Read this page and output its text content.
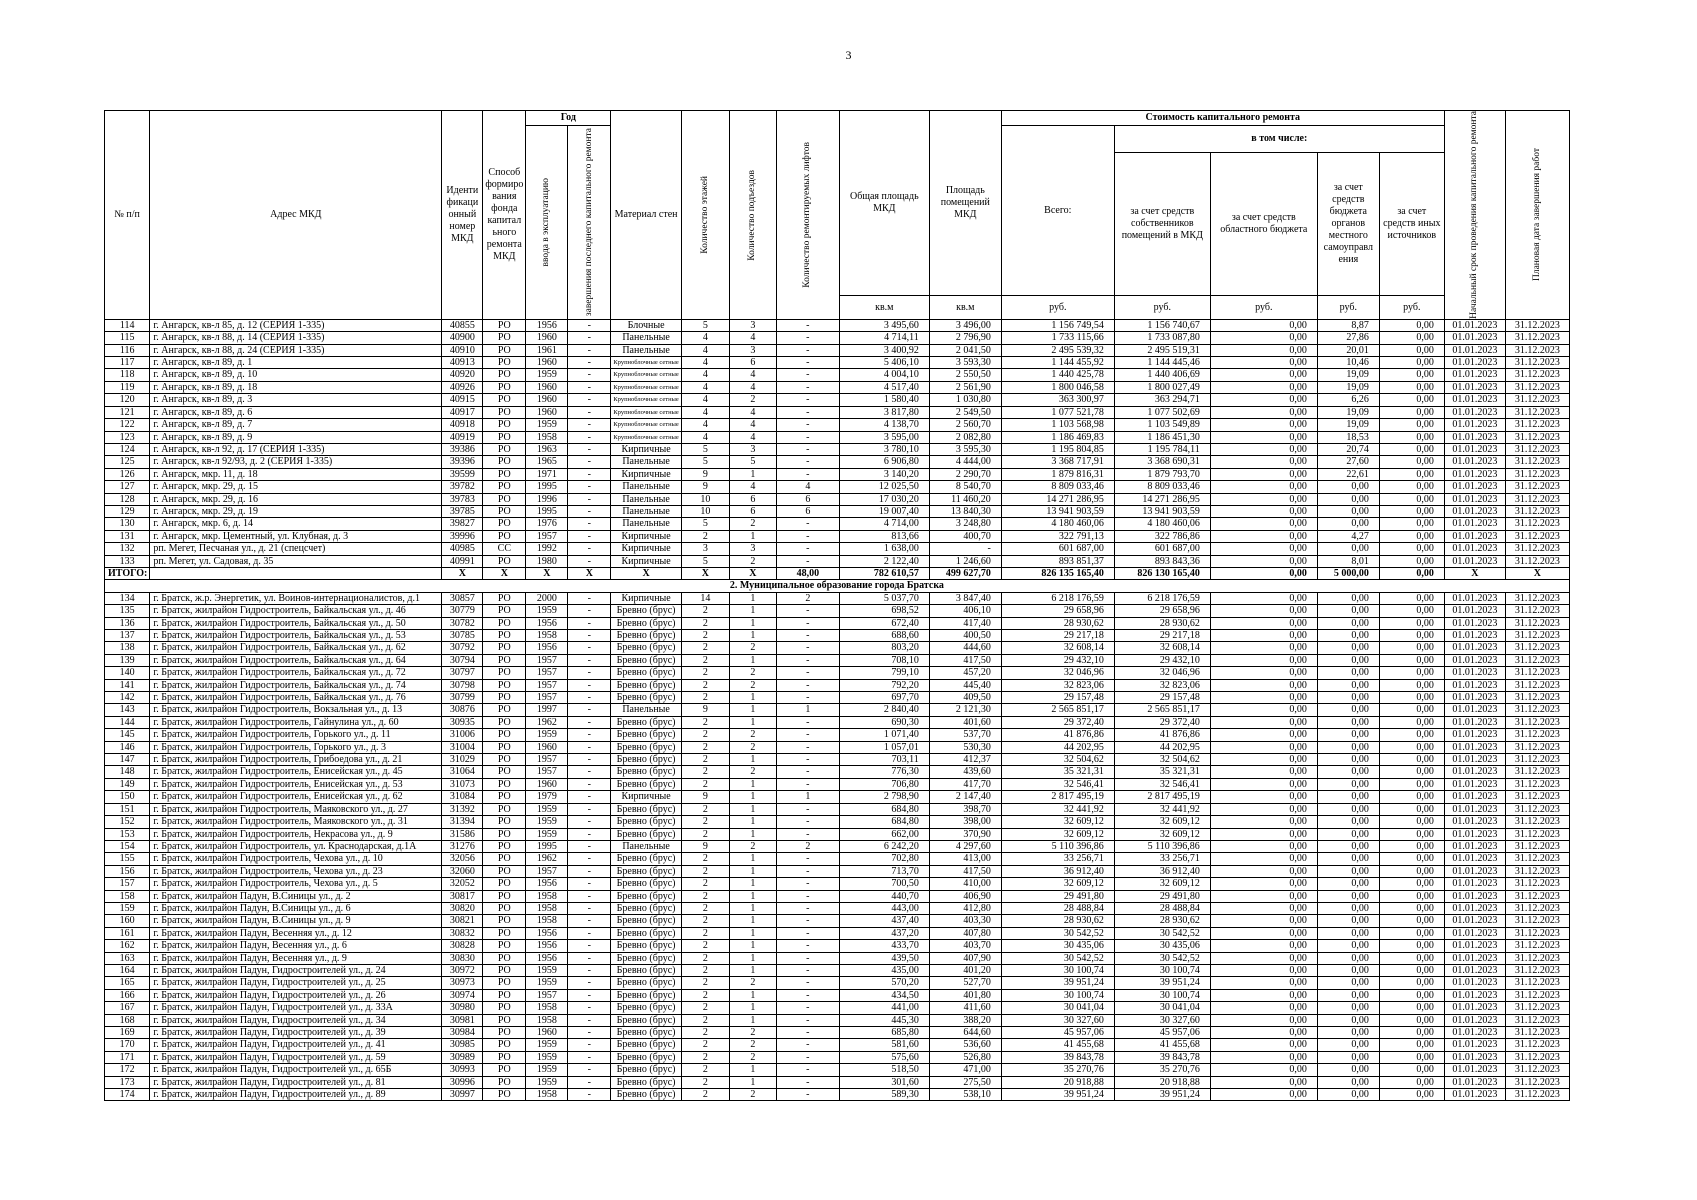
3
№ п/п	Адрес МКД	Иденти фикаци онный номер МКД	Способ формиро вания фонда капитал ьного ремонта МКД	Год		Материал стен	Количество этажей	Количество подъездов	Количество ремонтируемых лифтов	Общая площадь МКД	Площадь помещений МКД	Стоимость капитального ремонта					Начальный срок проведения капитального ремонта	Плановая дата завершения работ

				ввода в эксплуатацию	завершения последнего капитального ремонта							Всего:	в том числе:					
													за счет средств собственников помещений в МКД	за счет средств областного бюджета	за счет средств бюджета органов местного самоуправл ения	за счет средств иных источников		
										кв.м	кв.м	руб.	руб.	руб.	руб.	руб.		
114	г. Ангарск, кв-л 85, д. 12 (СЕРИЯ 1-335)	40855	РО	1956	-	Блочные	5	3	-	3 495,60	3 496,00	1 156 749,54	1 156 740,67	0,00	8,87	0,00	01.01.2023	31.12.2023
115	г. Ангарск, кв-л 88, д. 14 (СЕРИЯ 1-335)	40900	РО	1960	-	Панельные	4	4	-	4 714,11	2 796,90	1 733 115,66	1 733 087,80	0,00	27,86	0,00	01.01.2023	31.12.2023
116	г. Ангарск, кв-л 88, д. 24 (СЕРИЯ 1-335)	40910	РО	1961	-	Панельные	4	3	-	3 400,92	2 041,50	2 495 539,32	2 495 519,31	0,00	20,01	0,00	01.01.2023	31.12.2023
117	г. Ангарск, кв-л 89, д. 1	40913	РО	1960	-	Крупноблочные сетные	4	6	-	5 406,10	3 593,30	1 144 455,92	1 144 445,46	0,00	10,46	0,00	01.01.2023	31.12.2023
118	г. Ангарск, кв-л 89, д. 10	40920	РО	1959	-	Крупноблочные сетные	4	4	-	4 004,10	2 550,50	1 440 425,78	1 440 406,69	0,00	19,09	0,00	01.01.2023	31.12.2023
119	г. Ангарск, кв-л 89, д. 18	40926	РО	1960	-	Крупноблочные сетные	4	4	-	4 517,40	2 561,90	1 800 046,58	1 800 027,49	0,00	19,09	0,00	01.01.2023	31.12.2023
120	г. Ангарск, кв-л 89, д. 3	40915	РО	1960	-	Крупноблочные сетные	4	2	-	1 580,40	1 030,80	363 300,97	363 294,71	0,00	6,26	0,00	01.01.2023	31.12.2023
121	г. Ангарск, кв-л 89, д. 6	40917	РО	1960	-	Крупноблочные сетные	4	4	-	3 817,80	2 549,50	1 077 521,78	1 077 502,69	0,00	19,09	0,00	01.01.2023	31.12.2023
122	г. Ангарск, кв-л 89, д. 7	40918	РО	1959	-	Крупноблочные сетные	4	4	-	4 138,70	2 560,70	1 103 568,98	1 103 549,89	0,00	19,09	0,00	01.01.2023	31.12.2023
123	г. Ангарск, кв-л 89, д. 9	40919	РО	1958	-	Крупноблочные сетные	4	4	-	3 595,00	2 082,80	1 186 469,83	1 186 451,30	0,00	18,53	0,00	01.01.2023	31.12.2023
124	г. Ангарск, кв-л 92, д. 17 (СЕРИЯ 1-335)	39386	РО	1963	-	Кирпичные	5	3	-	3 780,10	3 595,30	1 195 804,85	1 195 784,11	0,00	20,74	0,00	01.01.2023	31.12.2023
125	г. Ангарск, кв-л 92/93, д. 2 (СЕРИЯ 1-335)	39396	РО	1965	-	Панельные	5	5	-	6 906,80	4 444,00	3 368 717,91	3 368 690,31	0,00	27,60	0,00	01.01.2023	31.12.2023
126	г. Ангарск, мкр. 11, д. 18	39599	РО	1971	-	Кирпичные	9	1	-	3 140,20	2 290,70	1 879 816,31	1 879 793,70	0,00	22,61	0,00	01.01.2023	31.12.2023
127	г. Ангарск, мкр. 29, д. 15	39782	РО	1995	-	Панельные	9	4	4	12 025,50	8 540,70	8 809 033,46	8 809 033,46	0,00	0,00	0,00	01.01.2023	31.12.2023
128	г. Ангарск, мкр. 29, д. 16	39783	РО	1996	-	Панельные	10	6	6	17 030,20	11 460,20	14 271 286,95	14 271 286,95	0,00	0,00	0,00	01.01.2023	31.12.2023
129	г. Ангарск, мкр. 29, д. 19	39785	РО	1995	-	Панельные	10	6	6	19 007,40	13 840,30	13 941 903,59	13 941 903,59	0,00	0,00	0,00	01.01.2023	31.12.2023
130	г. Ангарск, мкр. 6, д. 14	39827	РО	1976	-	Панельные	5	2	-	4 714,00	3 248,80	4 180 460,06	4 180 460,06	0,00	0,00	0,00	01.01.2023	31.12.2023
131	г. Ангарск, мкр. Цементный, ул. Клубная, д. 3	39996	РО	1957	-	Кирпичные	2	1	-	813,66	400,70	322 791,13	322 786,86	0,00	4,27	0,00	01.01.2023	31.12.2023
132	рп. Мегет, Песчаная ул., д. 21 (спецсчет)	40985	СС	1992	-	Кирпичные	3	3	-	1 638,00	-	601 687,00	601 687,00	0,00	0,00	0,00	01.01.2023	31.12.2023
133	рп. Мегет, ул. Садовая, д. 35	40991	РО	1980	-	Кирпичные	5	2	-	2 122,40	1 246,60	893 851,37	893 843,36	0,00	8,01	0,00	01.01.2023	31.12.2023
ИТОГО:		X	X	X	X	X	X	X	48,00	782 610,57	499 627,70	826 135 165,40	826 130 165,40	0,00	5 000,00	0,00	X	X
2. Муниципальное образование города Братска																		
134	г. Братск, ж.р. Энергетик, ул. Воинов-интернационалистов, д.1	30857	РО	2000	-	Кирпичные	14	1	2	5 037,70	3 847,40	6 218 176,59	6 218 176,59	0,00	0,00	0,00	01.01.2023	31.12.2023
135	г. Братск, жилрайон Гидростроитель, Байкальская ул., д. 46	30779	РО	1959	-	Бревно (брус)	2	1	-	698,52	406,10	29 658,96	29 658,96	0,00	0,00	0,00	01.01.2023	31.12.2023
136	г. Братск, жилрайон Гидростроитель, Байкальская ул., д. 50	30782	РО	1956	-	Бревно (брус)	2	1	-	672,40	417,40	28 930,62	28 930,62	0,00	0,00	0,00	01.01.2023	31.12.2023
137	г. Братск, жилрайон Гидростроитель, Байкальская ул., д. 53	30785	РО	1958	-	Бревно (брус)	2	1	-	688,60	400,50	29 217,18	29 217,18	0,00	0,00	0,00	01.01.2023	31.12.2023
138	г. Братск, жилрайон Гидростроитель, Байкальская ул., д. 62	30792	РО	1956	-	Бревно (брус)	2	2	-	803,20	444,60	32 608,14	32 608,14	0,00	0,00	0,00	01.01.2023	31.12.2023
139	г. Братск, жилрайон Гидростроитель, Байкальская ул., д. 64	30794	РО	1957	-	Бревно (брус)	2	1	-	708,10	417,50	29 432,10	29 432,10	0,00	0,00	0,00	01.01.2023	31.12.2023
140	г. Братск, жилрайон Гидростроитель, Байкальская ул., д. 72	30797	РО	1957	-	Бревно (брус)	2	2	-	799,10	457,20	32 046,96	32 046,96	0,00	0,00	0,00	01.01.2023	31.12.2023
141	г. Братск, жилрайон Гидростроитель, Байкальская ул., д. 74	30798	РО	1957	-	Бревно (брус)	2	2	-	792,20	445,40	32 823,06	32 823,06	0,00	0,00	0,00	01.01.2023	31.12.2023
142	г. Братск, жилрайон Гидростроитель, Байкальская ул., д. 76	30799	РО	1957	-	Бревно (брус)	2	1	-	697,70	409,50	29 157,48	29 157,48	0,00	0,00	0,00	01.01.2023	31.12.2023
143	г. Братск, жилрайон Гидростроитель, Вокзальная ул., д. 13	30876	РО	1997	-	Панельные	9	1	1	2 840,40	2 121,30	2 565 851,17	2 565 851,17	0,00	0,00	0,00	01.01.2023	31.12.2023
144	г. Братск, жилрайон Гидростроитель, Гайнулина ул., д. 60	30935	РО	1962	-	Бревно (брус)	2	1	-	690,30	401,60	29 372,40	29 372,40	0,00	0,00	0,00	01.01.2023	31.12.2023
145	г. Братск, жилрайон Гидростроитель, Горького ул., д. 11	31006	РО	1959	-	Бревно (брус)	2	2	-	1 071,40	537,70	41 876,86	41 876,86	0,00	0,00	0,00	01.01.2023	31.12.2023
146	г. Братск, жилрайон Гидростроитель, Горького ул., д. 3	31004	РО	1960	-	Бревно (брус)	2	2	-	1 057,01	530,30	44 202,95	44 202,95	0,00	0,00	0,00	01.01.2023	31.12.2023
147	г. Братск, жилрайон Гидростроитель, Грибоедова ул., д. 21	31029	РО	1957	-	Бревно (брус)	2	1	-	703,11	412,37	32 504,62	32 504,62	0,00	0,00	0,00	01.01.2023	31.12.2023
148	г. Братск, жилрайон Гидростроитель, Енисейская ул., д. 45	31064	РО	1957	-	Бревно (брус)	2	2	-	776,30	439,60	35 321,31	35 321,31	0,00	0,00	0,00	01.01.2023	31.12.2023
149	г. Братск, жилрайон Гидростроитель, Енисейская ул., д. 53	31073	РО	1960	-	Бревно (брус)	2	1	-	706,80	417,70	32 546,41	32 546,41	0,00	0,00	0,00	01.01.2023	31.12.2023
150	г. Братск, жилрайон Гидростроитель, Енисейская ул., д. 62	31084	РО	1979	-	Кирпичные	9	1	1	2 798,90	2 147,40	2 817 495,19	2 817 495,19	0,00	0,00	0,00	01.01.2023	31.12.2023
151	г. Братск, жилрайон Гидростроитель, Маяковского ул., д. 27	31392	РО	1959	-	Бревно (брус)	2	1	-	684,80	398,70	32 441,92	32 441,92	0,00	0,00	0,00	01.01.2023	31.12.2023
152	г. Братск, жилрайон Гидростроитель, Маяковского ул., д. 31	31394	РО	1959	-	Бревно (брус)	2	1	-	684,80	398,00	32 609,12	32 609,12	0,00	0,00	0,00	01.01.2023	31.12.2023
153	г. Братск, жилрайон Гидростроитель, Некрасова ул., д. 9	31586	РО	1959	-	Бревно (брус)	2	1	-	662,00	370,90	32 609,12	32 609,12	0,00	0,00	0,00	01.01.2023	31.12.2023
154	г. Братск, жилрайон Гидростроитель, ул. Краснодарская, д.1А	31276	РО	1995	-	Панельные	9	2	2	6 242,20	4 297,60	5 110 396,86	5 110 396,86	0,00	0,00	0,00	01.01.2023	31.12.2023
155	г. Братск, жилрайон Гидростроитель, Чехова ул., д. 10	32056	РО	1962	-	Бревно (брус)	2	1	-	702,80	413,00	33 256,71	33 256,71	0,00	0,00	0,00	01.01.2023	31.12.2023
156	г. Братск, жилрайон Гидростроитель, Чехова ул., д. 23	32060	РО	1957	-	Бревно (брус)	2	1	-	713,70	417,50	36 912,40	36 912,40	0,00	0,00	0,00	01.01.2023	31.12.2023
157	г. Братск, жилрайон Гидростроитель, Чехова ул., д. 5	32052	РО	1956	-	Бревно (брус)	2	1	-	700,50	410,00	32 609,12	32 609,12	0,00	0,00	0,00	01.01.2023	31.12.2023
158	г. Братск, жилрайон Падун, В.Синицы ул., д. 2	30817	РО	1958	-	Бревно (брус)	2	1	-	440,70	406,90	29 491,80	29 491,80	0,00	0,00	0,00	01.01.2023	31.12.2023
159	г. Братск, жилрайон Падун, В.Синицы ул., д. 6	30820	РО	1958	-	Бревно (брус)	2	1	-	443,00	412,80	28 488,84	28 488,84	0,00	0,00	0,00	01.01.2023	31.12.2023
160	г. Братск, жилрайон Падун, В.Синицы ул., д. 9	30821	РО	1958	-	Бревно (брус)	2	1	-	437,40	403,30	28 930,62	28 930,62	0,00	0,00	0,00	01.01.2023	31.12.2023
161	г. Братск, жилрайон Падун, Весенняя ул., д. 12	30832	РО	1956	-	Бревно (брус)	2	1	-	437,20	407,80	30 542,52	30 542,52	0,00	0,00	0,00	01.01.2023	31.12.2023
162	г. Братск, жилрайон Падун, Весенняя ул., д. 6	30828	РО	1956	-	Бревно (брус)	2	1	-	433,70	403,70	30 435,06	30 435,06	0,00	0,00	0,00	01.01.2023	31.12.2023
163	г. Братск, жилрайон Падун, Весенняя ул., д. 9	30830	РО	1956	-	Бревно (брус)	2	1	-	439,50	407,90	30 542,52	30 542,52	0,00	0,00	0,00	01.01.2023	31.12.2023
164	г. Братск, жилрайон Падун, Гидростроителей ул., д. 24	30972	РО	1959	-	Бревно (брус)	2	1	-	435,00	401,20	30 100,74	30 100,74	0,00	0,00	0,00	01.01.2023	31.12.2023
165	г. Братск, жилрайон Падун, Гидростроителей ул., д. 25	30973	РО	1959	-	Бревно (брус)	2	2	-	570,20	527,70	39 951,24	39 951,24	0,00	0,00	0,00	01.01.2023	31.12.2023
166	г. Братск, жилрайон Падун, Гидростроителей ул., д. 26	30974	РО	1957	-	Бревно (брус)	2	1	-	434,50	401,80	30 100,74	30 100,74	0,00	0,00	0,00	01.01.2023	31.12.2023
167	г. Братск, жилрайон Падун, Гидростроителей ул., д. 33А	30980	РО	1958	-	Бревно (брус)	2	1	-	441,00	411,60	30 041,04	30 041,04	0,00	0,00	0,00	01.01.2023	31.12.2023
168	г. Братск, жилрайон Падун, Гидростроителей ул., д. 34	30981	РО	1958	-	Бревно (брус)	2	1	-	445,30	388,20	30 327,60	30 327,60	0,00	0,00	0,00	01.01.2023	31.12.2023
169	г. Братск, жилрайон Падун, Гидростроителей ул., д. 39	30984	РО	1960	-	Бревно (брус)	2	2	-	685,80	644,60	45 957,06	45 957,06	0,00	0,00	0,00	01.01.2023	31.12.2023
170	г. Братск, жилрайон Падун, Гидростроителей ул., д. 41	30985	РО	1959	-	Бревно (брус)	2	2	-	581,60	536,60	41 455,68	41 455,68	0,00	0,00	0,00	01.01.2023	31.12.2023
171	г. Братск, жилрайон Падун, Гидростроителей ул., д. 59	30989	РО	1959	-	Бревно (брус)	2	2	-	575,60	526,80	39 843,78	39 843,78	0,00	0,00	0,00	01.01.2023	31.12.2023
172	г. Братск, жилрайон Падун, Гидростроителей ул., д. 65Б	30993	РО	1959	-	Бревно (брус)	2	1	-	518,50	471,00	35 270,76	35 270,76	0,00	0,00	0,00	01.01.2023	31.12.2023
173	г. Братск, жилрайон Падун, Гидростроителей ул., д. 81	30996	РО	1959	-	Бревно (брус)	2	1	-	301,60	275,50	20 918,88	20 918,88	0,00	0,00	0,00	01.01.2023	31.12.2023
174	г. Братск, жилрайон Падун, Гидростроителей ул., д. 89	30997	РО	1958	-	Бревно (брус)	2	2	-	589,30	538,10	39 951,24	39 951,24	0,00	0,00	0,00	01.01.2023	31.12.2023
